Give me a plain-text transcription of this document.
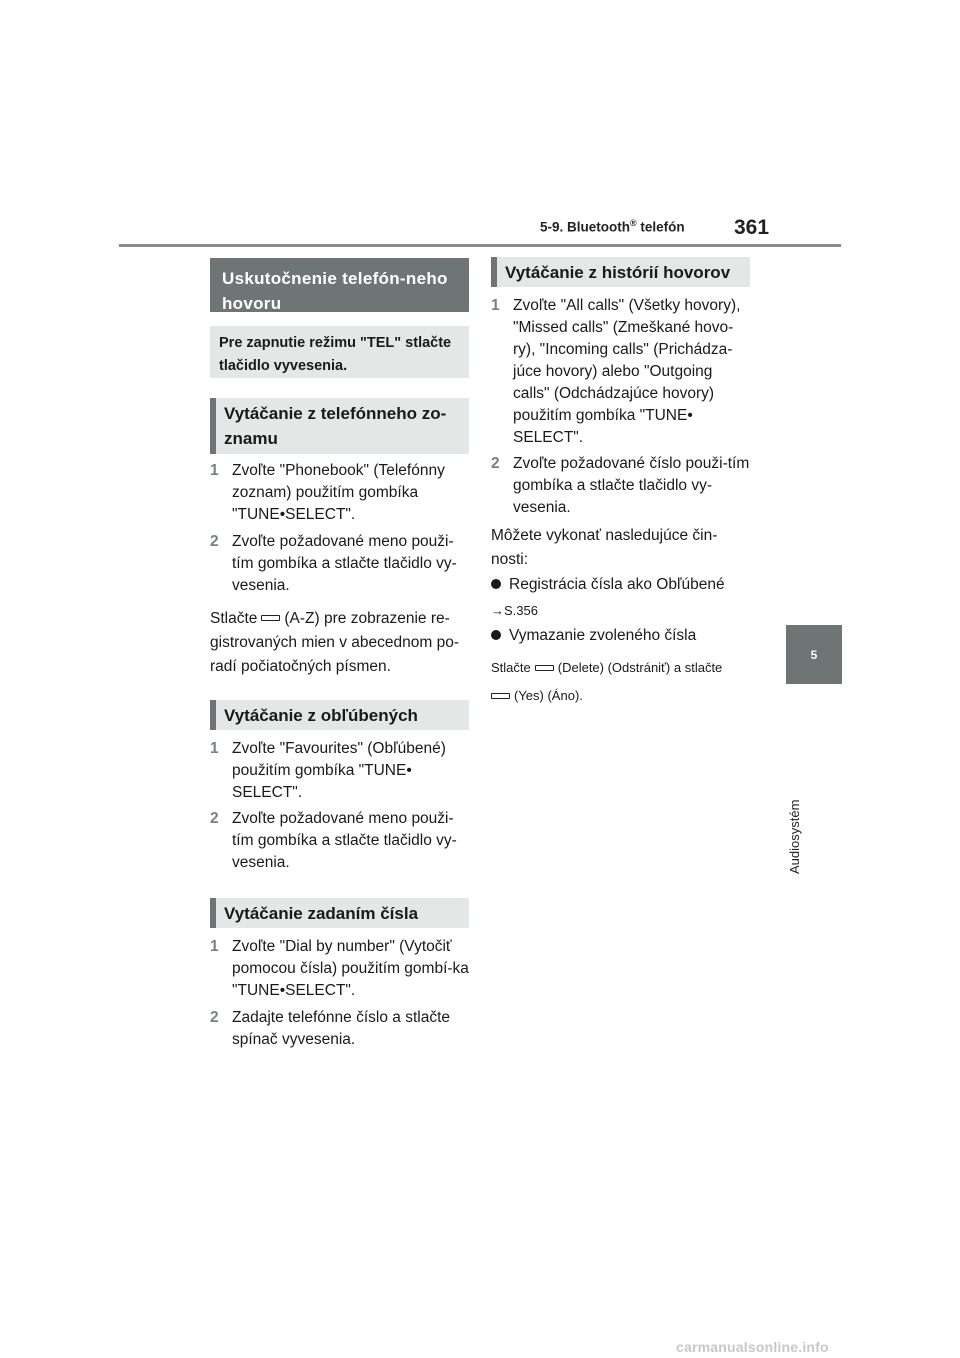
5-9. Bluetooth® telefón 361
5
Audiosystém
Uskutočnenie telefón-neho hovoru
Pre zapnutie režimu "TEL" stlačte tlačidlo vyvesenia.
Vytáčanie z telefónneho zo-znamu
1 Zvoľte "Phonebook" (Telefónny zoznam) použitím gombíka "TUNE•SELECT".
2 Zvoľte požadované meno použi-tím gombíka a stlačte tlačidlo vy-vesenia.
Stlačte (A-Z) pre zobrazenie re-gistrovaných mien v abecednom po-radí počiatočných písmen.
Vytáčanie z obľúbených
1 Zvoľte "Favourites" (Obľúbené) použitím gombíka "TUNE• SELECT".
2 Zvoľte požadované meno použi-tím gombíka a stlačte tlačidlo vy-vesenia.
Vytáčanie zadaním čísla
1 Zvoľte "Dial by number" (Vytočiť pomocou čísla) použitím gombí-ka "TUNE•SELECT".
2 Zadajte telefónne číslo a stlačte spínač vyvesenia.
Vytáčanie z histórií hovorov
1 Zvoľte "All calls" (Všetky hovory), "Missed calls" (Zmeškané hovo-ry), "Incoming calls" (Prichádza-júce hovory) alebo "Outgoing calls" (Odchádzajúce hovory) použitím gombíka "TUNE• SELECT".
2 Zvoľte požadované číslo použi-tím gombíka a stlačte tlačidlo vy-vesenia.
Môžete vykonať nasledujúce čin-nosti:
Registrácia čísla ako Obľúbené
→S.356
Vymazanie zvoleného čísla
Stlačte (Delete) (Odstrániť) a stlačte
(Yes) (Áno).
carmanualsonline.info
